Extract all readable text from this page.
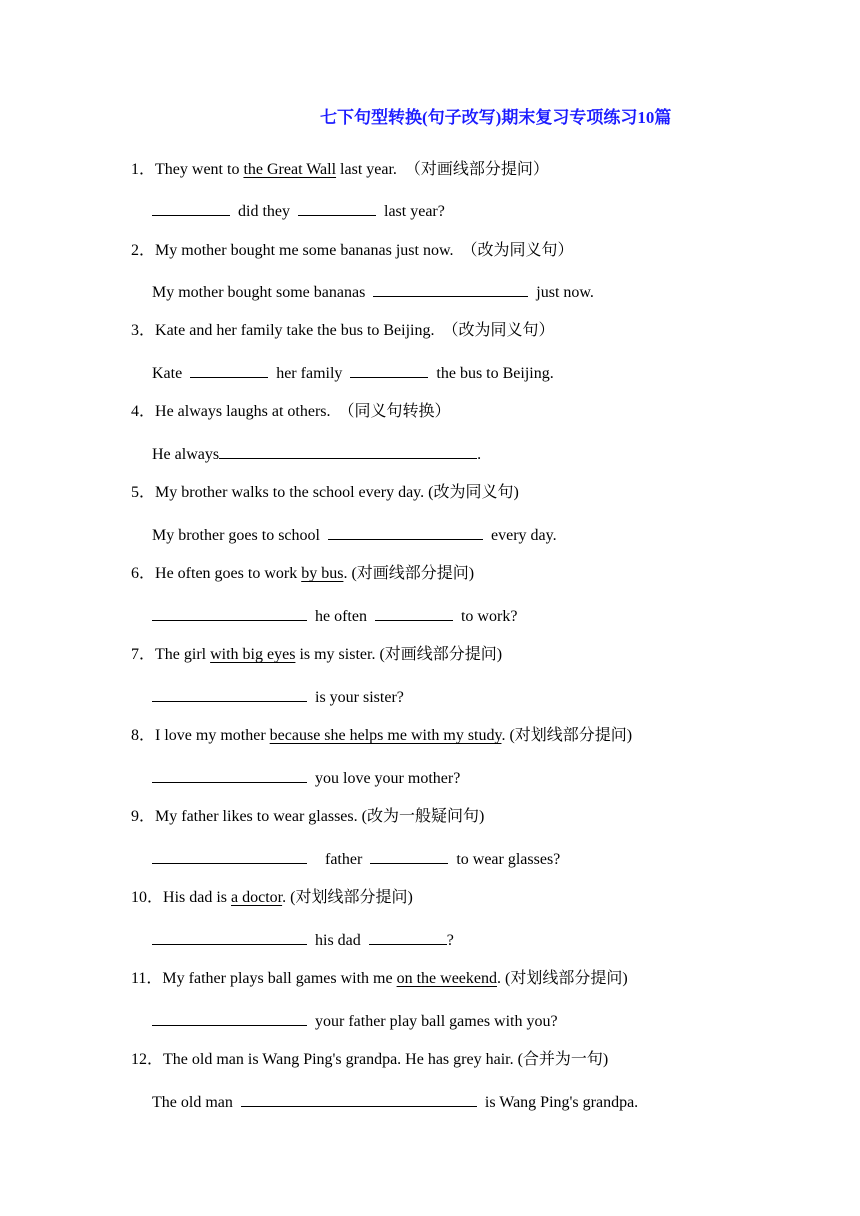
七下句型转换(句子改写)期末复习专项练习10篇
1．They went to the Great Wall last year. （对画线部分提问）
did they	last year?
2．My mother bought me some bananas just now. （改为同义句）
My mother bought some bananas	just now.
3．Kate and her family take the bus to Beijing. （改为同义句）
Kate	her family	the bus to Beijing.
4．He always laughs at others. （同义句转换）
He always	.
5．My brother walks to the school every day. (改为同义句)
My brother goes to school	every day.
6．He often goes to work by bus. (对画线部分提问)
he often	to work?
7．The girl with big eyes is my sister. (对画线部分提问)
is your sister?
8．I love my mother because she helps me with my study. (对划线部分提问)
you love your mother?
9．My father likes to wear glasses. (改为一般疑问句)
father	to wear glasses?
10．His dad is a doctor. (对划线部分提问)
his dad	?
11．My father plays ball games with me on the weekend. (对划线部分提问)
your father play ball games with you?
12．The old man is Wang Ping's grandpa. He has grey hair. (合并为一句)
The old man	is Wang Ping's grandpa.
